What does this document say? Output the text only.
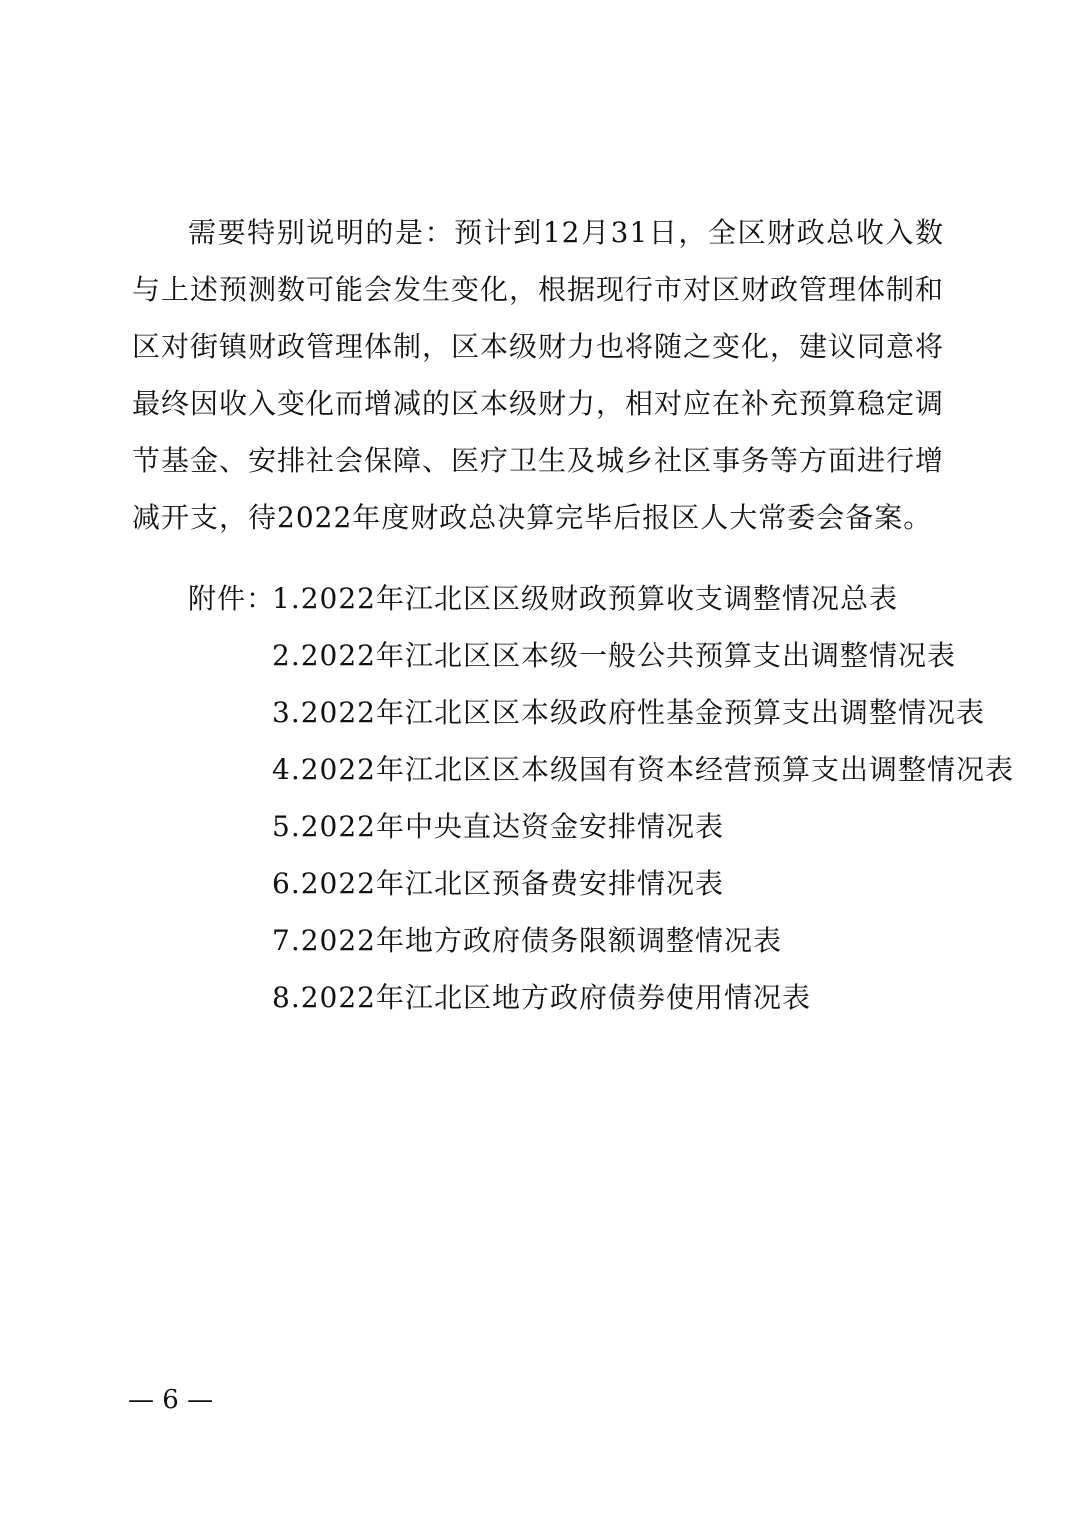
需要特别说明的是：预计到12月31日，全区财政总收入数与上述预测数可能会发生变化，根据现行市对区财政管理体制和区对街镇财政管理体制，区本级财力也将随之变化，建议同意将最终因收入变化而增减的区本级财力，相对应在补充预算稳定调节基金、安排社会保障、医疗卫生及城乡社区事务等方面进行增减开支，待2022年度财政总决算完毕后报区人大常委会备案。

附件：
1.2022年江北区区级财政预算收支调整情况总表
2.2022年江北区区本级一般公共预算支出调整情况表
3.2022年江北区区本级政府性基金预算支出调整情况表
4.2022年江北区区本级国有资本经营预算支出调整情况表
5.2022年中央直达资金安排情况表
6.2022年江北区预备费安排情况表
7.2022年地方政府债务限额调整情况表
8.2022年江北区地方政府债券使用情况表
— 6 —
